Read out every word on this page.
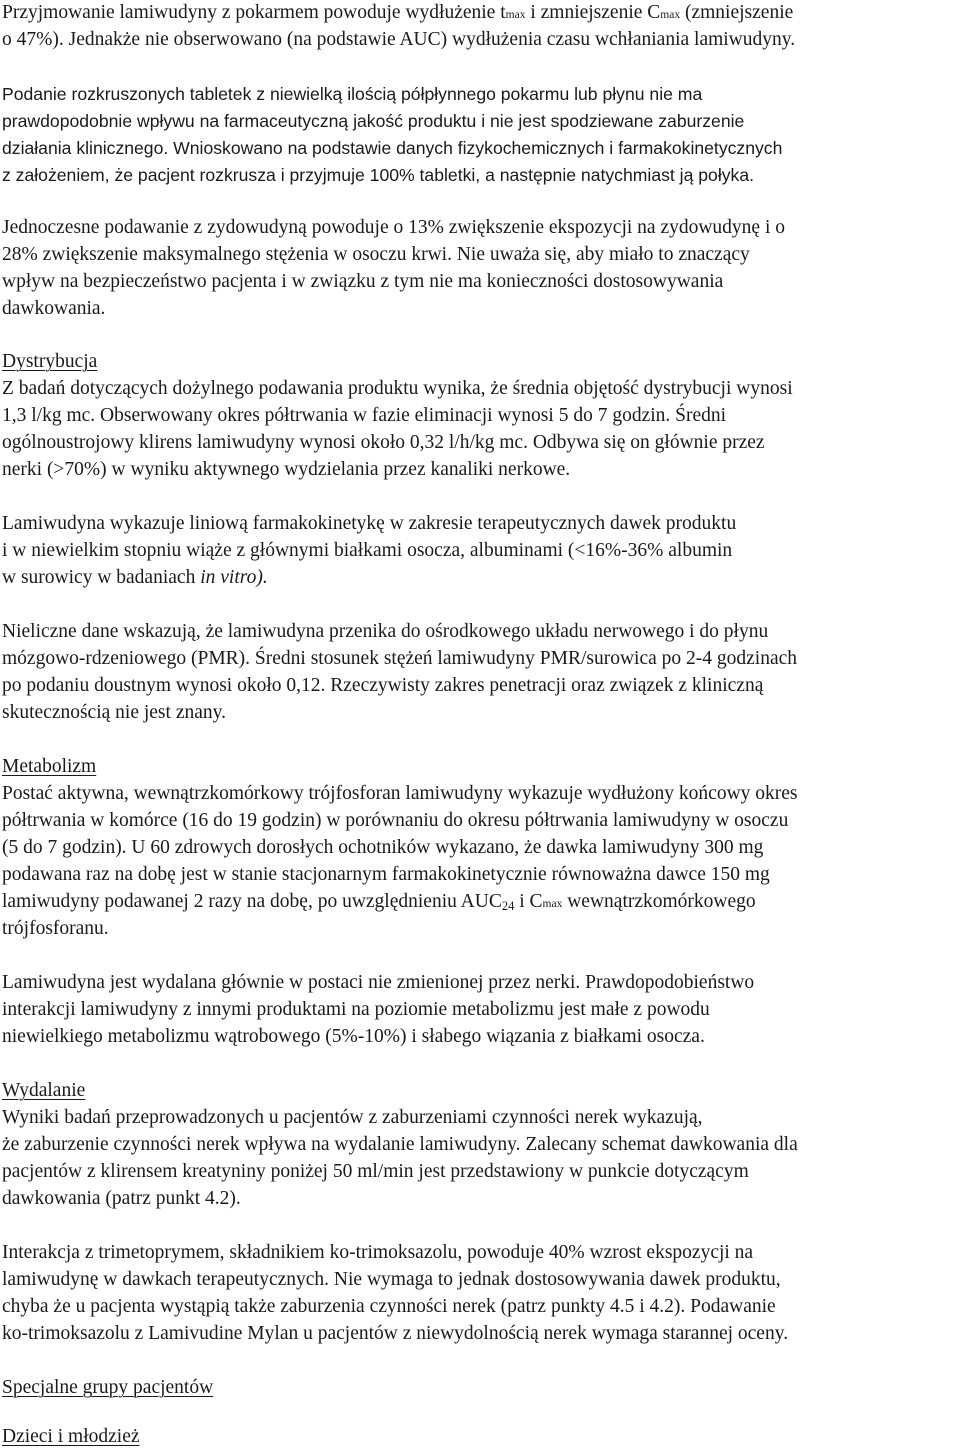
Przyjmowanie lamiwudyny z pokarmem powoduje wydłużenie tmax i zmniejszenie Cmax (zmniejszenie
o 47%). Jednakże nie obserwowano (na podstawie AUC) wydłużenia czasu wchłaniania lamiwudyny.
Podanie rozkruszonych tabletek z niewielką ilością półpłynnego pokarmu lub płynu nie ma
prawdopodobnie wpływu na farmaceutyczną jakość produktu i nie jest spodziewane zaburzenie
działania klinicznego. Wnioskowano na podstawie danych fizykochemicznych i farmakokinetycznych
z założeniem, że pacjent rozkrusza i przyjmuje 100% tabletki, a następnie natychmiast ją połyka.
Jednoczesne podawanie z zydowudyną powoduje o 13% zwiększenie ekspozycji na zydowudynę i o
28% zwiększenie maksymalnego stężenia w osoczu krwi. Nie uważa się, aby miało to znaczący
wpływ na bezpieczeństwo pacjenta i w związku z tym nie ma konieczności dostosowywania
dawkowania.
Dystrybucja
Z badań dotyczących dożylnego podawania produktu wynika, że średnia objętość dystrybucji wynosi
1,3 l/kg mc. Obserwowany okres półtrwania w fazie eliminacji wynosi 5 do 7 godzin. Średni
ogólnoustrojowy klirens lamiwudyny wynosi około 0,32 l/h/kg mc. Odbywa się on głównie przez
nerki (>70%) w wyniku aktywnego wydzielania przez kanaliki nerkowe.
Lamiwudyna wykazuje liniową farmakokinetykę w zakresie terapeutycznych dawek produktu
i w niewielkim stopniu wiąże z głównymi białkami osocza, albuminami (<16%-36% albumin
w surowicy w badaniach in vitro).
Nieliczne dane wskazują, że lamiwudyna przenika do ośrodkowego układu nerwowego i do płynu
mózgowo-rdzeniowego (PMR). Średni stosunek stężeń lamiwudyny PMR/surowica po 2-4 godzinach
po podaniu doustnym wynosi około 0,12. Rzeczywisty zakres penetracji oraz związek z kliniczną
skutecznością nie jest znany.
Metabolizm
Postać aktywna, wewnątrzkomórkowy trójfosforan lamiwudyny wykazuje wydłużony końcowy okres
półtrwania w komórce (16 do 19 godzin) w porównaniu do okresu półtrwania lamiwudyny w osoczu
(5 do 7 godzin). U 60 zdrowych dorosłych ochotników wykazano, że dawka lamiwudyny 300 mg
podawana raz na dobę jest w stanie stacjonarnym farmakokinetycznie równoważna dawce 150 mg
lamiwudyny podawanej 2 razy na dobę, po uwzględnieniu AUC24 i Cmax wewnątrzkomórkowego
trójfosforanu.
Lamiwudyna jest wydalana głównie w postaci nie zmienionej przez nerki. Prawdopodobieństwo
interakcji lamiwudyny z innymi produktami na poziomie metabolizmu jest małe z powodu
niewielkiego metabolizmu wątrobowego (5%-10%) i słabego wiązania z białkami osocza.
Wydalanie
Wyniki badań przeprowadzonych u pacjentów z zaburzeniami czynności nerek wykazują,
że zaburzenie czynności nerek wpływa na wydalanie lamiwudyny. Zalecany schemat dawkowania dla
pacjentów z klirensem kreatyniny poniżej 50 ml/min jest przedstawiony w punkcie dotyczącym
dawkowania (patrz punkt 4.2).
Interakcja z trimetoprymem, składnikiem ko-trimoksazolu, powoduje 40% wzrost ekspozycji na
lamiwudynę w dawkach terapeutycznych. Nie wymaga to jednak dostosowywania dawek produktu,
chyba że u pacjenta wystąpią także zaburzenia czynności nerek (patrz punkty 4.5 i 4.2). Podawanie
ko-trimoksazolu z Lamivudine Mylan u pacjentów z niewydolnością nerek wymaga starannej oceny.
Specjalne grupy pacjentów
Dzieci i młodzież
